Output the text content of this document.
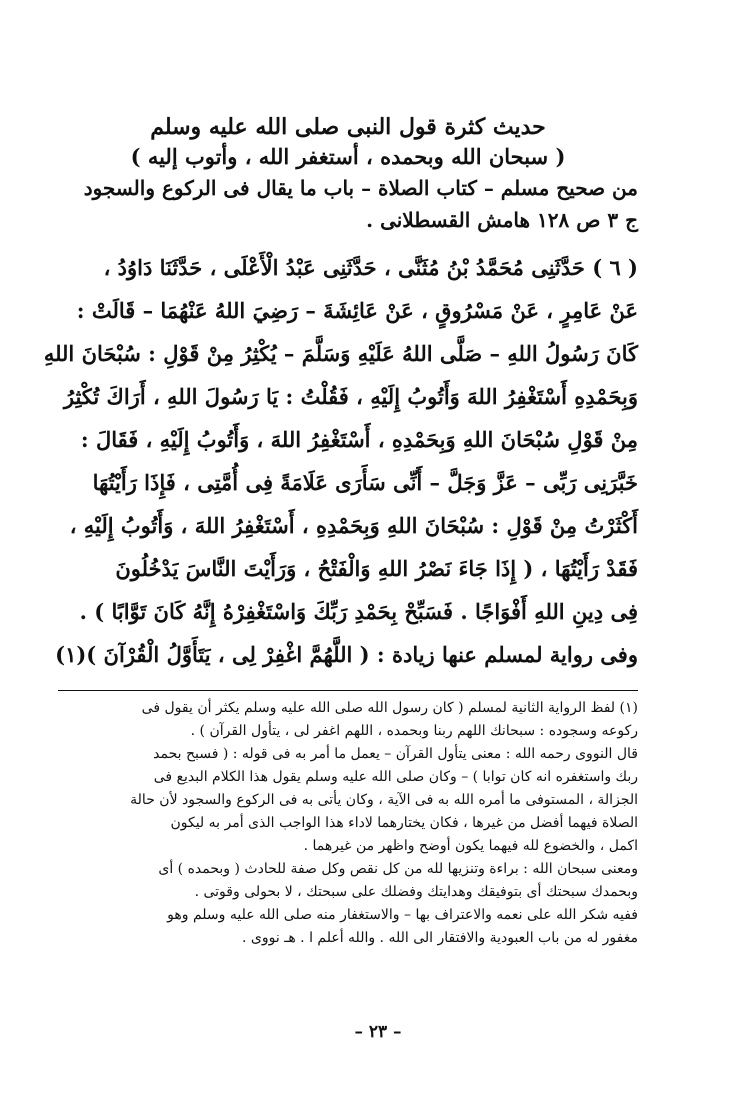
حديث كثرة قول النبى صلى الله عليه وسلم
( سبحان الله وبحمده ، أستغفر الله ، وأتوب إليه )
من صحيح مسلم – كتاب الصلاة – باب ما يقال فى الركوع والسجود
ج ٣ ص ١٢٨ هامش القسطلانى .
( ٦ ) حَدَّثَنِى مُحَمَّدُ بْنُ مُثَنَّى ، حَدَّثَنِى عَبْدُ الْأَعْلَى ، حَدَّثَنَا دَاوُدُ ،
عَنْ عَامِرٍ ، عَنْ مَسْرُوقٍ ، عَنْ عَائِشَةَ – رَضِيَ اللهُ عَنْهُمَا – قَالَتْ :
كَانَ رَسُولُ اللهِ – صَلَّى اللهُ عَلَيْهِ وَسَلَّمَ – يُكْثِرُ مِنْ قَوْلِ : سُبْحَانَ اللهِ
وَبِحَمْدِهِ أَسْتَغْفِرُ اللهَ وَأَتُوبُ إِلَيْهِ ، فَقُلْتُ : يَا رَسُولَ اللهِ ، أَرَاكَ تُكْثِرُ
مِنْ قَوْلِ سُبْحَانَ اللهِ وَبِحَمْدِهِ ، أَسْتَغْفِرُ اللهَ ، وَأَتُوبُ إِلَيْهِ ، فَقَالَ :
خَبَّرَنِى رَبِّى – عَزَّ وَجَلَّ – أَنِّى سَأَرَى عَلَامَةً فِى أُمَّتِى ، فَإِذَا رَأَيْتُهَا
أَكْثَرْتُ مِنْ قَوْلِ : سُبْحَانَ اللهِ وَبِحَمْدِهِ ، أَسْتَغْفِرُ اللهَ ، وَأَتُوبُ إِلَيْهِ ،
فَقَدْ رَأَيْتُهَا ، ( إِذَا جَاءَ نَصْرُ اللهِ وَالْفَتْحُ ، وَرَأَيْتَ النَّاسَ يَدْخُلُونَ
فِى دِينِ اللهِ أَفْوَاجًا . فَسَبِّحْ بِحَمْدِ رَبِّكَ وَاسْتَغْفِرْهُ إِنَّهُ كَانَ تَوَّابًا ) .
وفى رواية لمسلم عنها زيادة : ( اللَّهُمَّ اغْفِرْ لِى ، يَتَأَوَّلُ الْقُرْآنَ )(١)
(١) لفظ الرواية الثانية لمسلم ( كان رسول الله صلى الله عليه وسلم يكثر أن يقول فى
ركوعه وسجوده : سبحانك اللهم ربنا وبحمده ، اللهم اغفر لى ، يتأول القرآن ) .
قال النووى رحمه الله : معنى يتأول القرآن – يعمل ما أمر به فى قوله : ( فسبح بحمد
ربك واستغفره انه كان توابا ) – وكان صلى الله عليه وسلم يقول هذا الكلام البديع فى
الجزالة ، المستوفى ما أمره الله به فى الآية ، وكان يأتى به فى الركوع والسجود لأن حالة
الصلاة فيهما أفضل من غيرها ، فكان يختارهما لاداء هذا الواجب الذى أمر به ليكون
اكمل ، والخضوع لله فيهما يكون أوضح واظهر من غيرهما .
ومعنى سبحان الله : براءة وتنزيها لله من كل نقص وكل صفة للحادث ( وبحمده ) أى
وبحمدك سبحتك أى بتوفيقك وهدايتك وفضلك على سبحتك ، لا بحولى وقوتى .
ففيه شكر الله على نعمه والاعتراف بها – والاستغفار منه صلى الله عليه وسلم وهو
مغفور له من باب العبودية والافتقار الى الله . والله أعلم ا . هـ نووى .
– ٢٣ –
